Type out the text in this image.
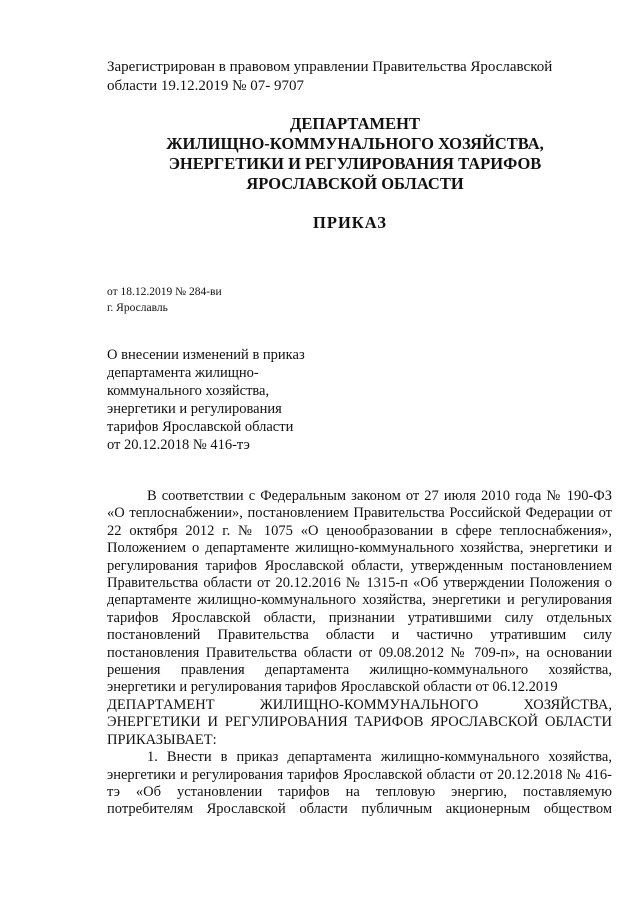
Зарегистрирован в правовом управлении Правительства Ярославской
области 19.12.2019 № 07- 9707
ДЕПАРТАМЕНТ
ЖИЛИЩНО-КОММУНАЛЬНОГО ХОЗЯЙСТВА,
ЭНЕРГЕТИКИ И РЕГУЛИРОВАНИЯ ТАРИФОВ
ЯРОСЛАВСКОЙ ОБЛАСТИ
ПРИКАЗ
от 18.12.2019 № 284-ви
г. Ярославль
О внесении изменений в приказ
департамента жилищно-
коммунального хозяйства,
энергетики и регулирования
тарифов Ярославской области
от 20.12.2018 № 416-тэ

В соответствии с Федеральным законом от 27 июля 2010 года № 190-ФЗ «О теплоснабжении», постановлением Правительства Российской Федерации от 22 октября 2012 г. № 1075 «О ценообразовании в сфере теплоснабжения», Положением о департаменте жилищно-коммунального хозяйства, энергетики и регулирования тарифов Ярославской области, утвержденным постановлением Правительства области от 20.12.2016 № 1315-п «Об утверждении Положения о департаменте жилищно-коммунального хозяйства, энергетики и регулирования тарифов Ярославской области, признании утратившими силу отдельных постановлений Правительства области и частично утратившим силу постановления Правительства области от 09.08.2012 № 709-п», на основании решения правления департамента жилищно-коммунального хозяйства, энергетики и регулирования тарифов Ярославской области от 06.12.2019

ДЕПАРТАМЕНТ ЖИЛИЩНО-КОММУНАЛЬНОГО ХОЗЯЙСТВА, ЭНЕРГЕТИКИ И РЕГУЛИРОВАНИЯ ТАРИФОВ ЯРОСЛАВСКОЙ ОБЛАСТИ ПРИКАЗЫВАЕТ:

1. Внести в приказ департамента жилищно-коммунального хозяйства, энергетики и регулирования тарифов Ярославской области от 20.12.2018 № 416-тэ «Об установлении тарифов на тепловую энергию, поставляемую потребителям Ярославской области публичным акционерным обществом
